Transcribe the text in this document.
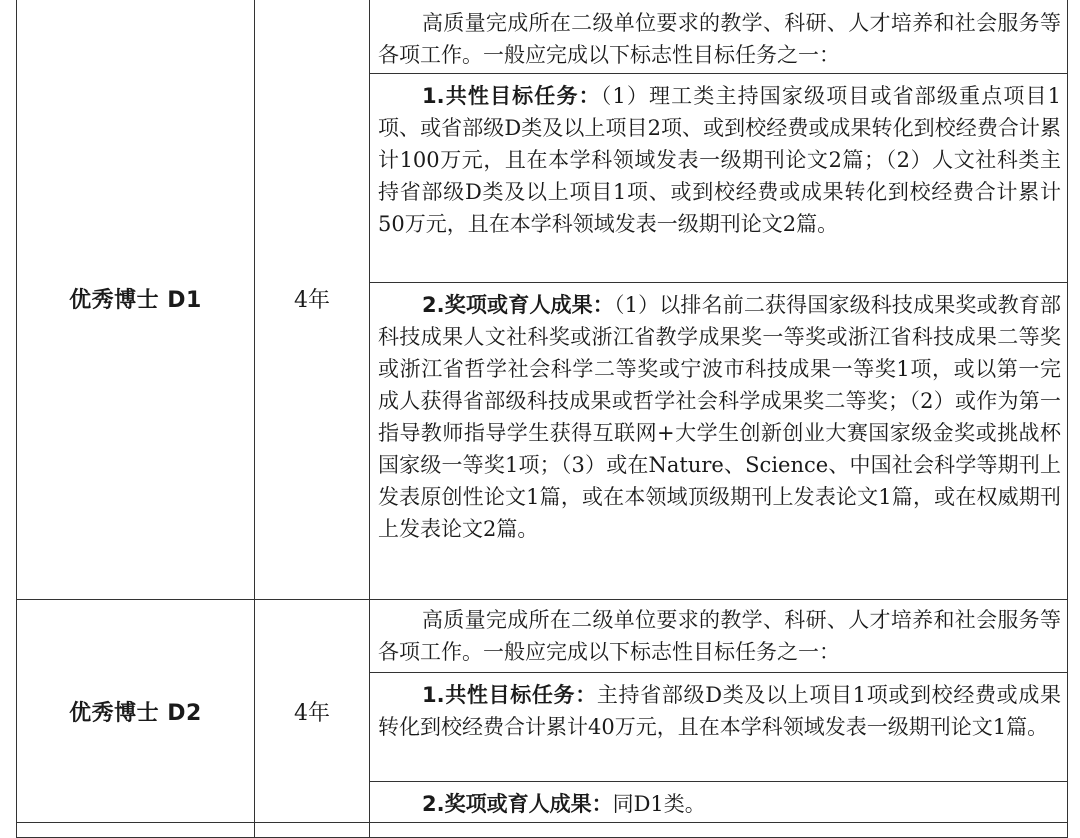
优秀博士 D1	4年	高质量完成所在二级单位要求的教学、科研、人才培养和社会服务等各项工作。一般应完成以下标志性目标任务之一：

		1.共性目标任务：（1）理工类主持国家级项目或省部级重点项目1项、或省部级D类及以上项目2项、或到校经费或成果转化到校经费合计累计100万元，且在本学科领域发表一级期刊论文2篇；（2）人文社科类主持省部级D类及以上项目1项、或到校经费或成果转化到校经费合计累计50万元，且在本学科领域发表一级期刊论文2篇。

		2.奖项或育人成果：（1）以排名前二获得国家级科技成果奖或教育部科技成果人文社科奖或浙江省教学成果奖一等奖或浙江省科技成果二等奖或浙江省哲学社会科学二等奖或宁波市科技成果一等奖1项，或以第一完成人获得省部级科技成果或哲学社会科学成果奖二等奖；（2）或作为第一指导教师指导学生获得互联网+大学生创新创业大赛国家级金奖或挑战杯国家级一等奖1项；（3）或在Nature、Science、中国社会科学等期刊上发表原创性论文1篇，或在本领域顶级期刊上发表论文1篇，或在权威期刊上发表论文2篇。

优秀博士 D2	4年	高质量完成所在二级单位要求的教学、科研、人才培养和社会服务等各项工作。一般应完成以下标志性目标任务之一：

		1.共性目标任务：主持省部级D类及以上项目1项或到校经费或成果转化到校经费合计累计40万元，且在本学科领域发表一级期刊论文1篇。

		2.奖项或育人成果：同D1类。
